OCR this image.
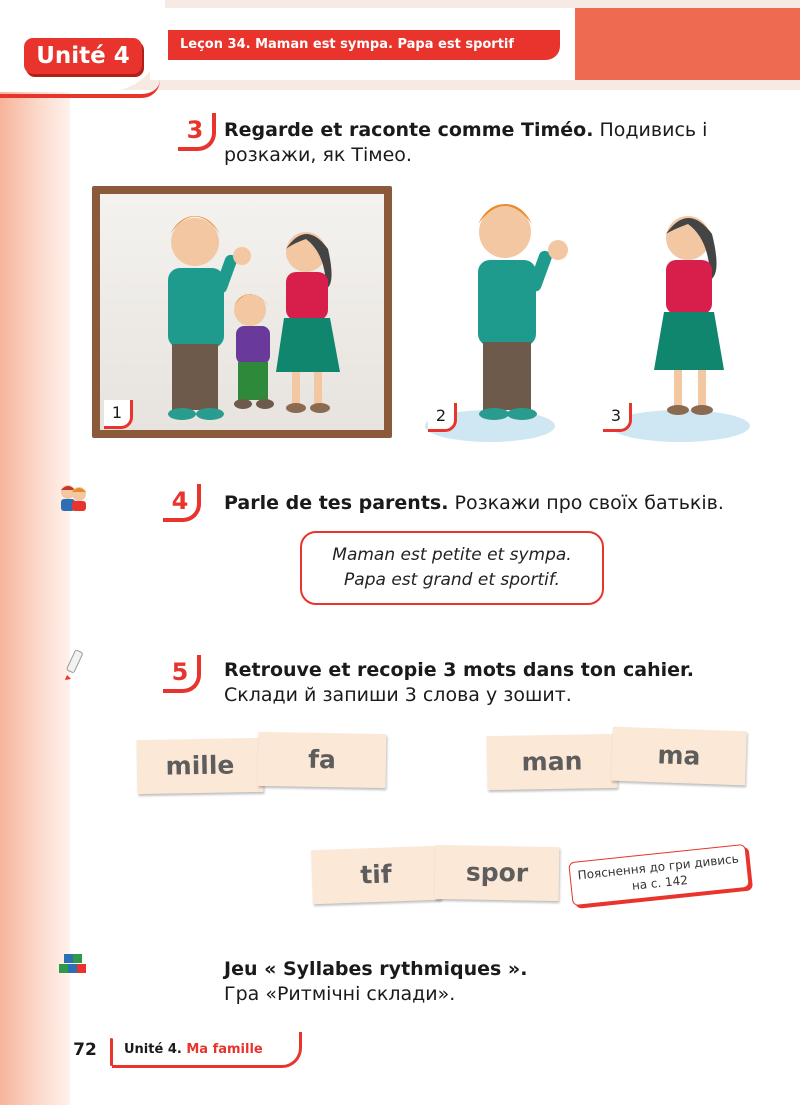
Unité 4	Leçon 34. Maman est sympa. Papa est sportif
3	Regarde et raconte comme Timéo. Подивись і розкажи, як Тімео.
1	2	3
4	Parle de tes parents. Розкажи про своїх батьків.
Maman est petite et sympa.
Papa est grand et sportif.
5	Retrouve et recopie 3 mots dans ton cahier. Склади й запиши 3 слова у зошит.
mille	fa	man	ma
tif	spor
Jeu « Syllabes rythmiques ».
Гра «Ритмічні склади».
Пояснення до гри дивись на с. 142
72	Unité 4. Ma famille
